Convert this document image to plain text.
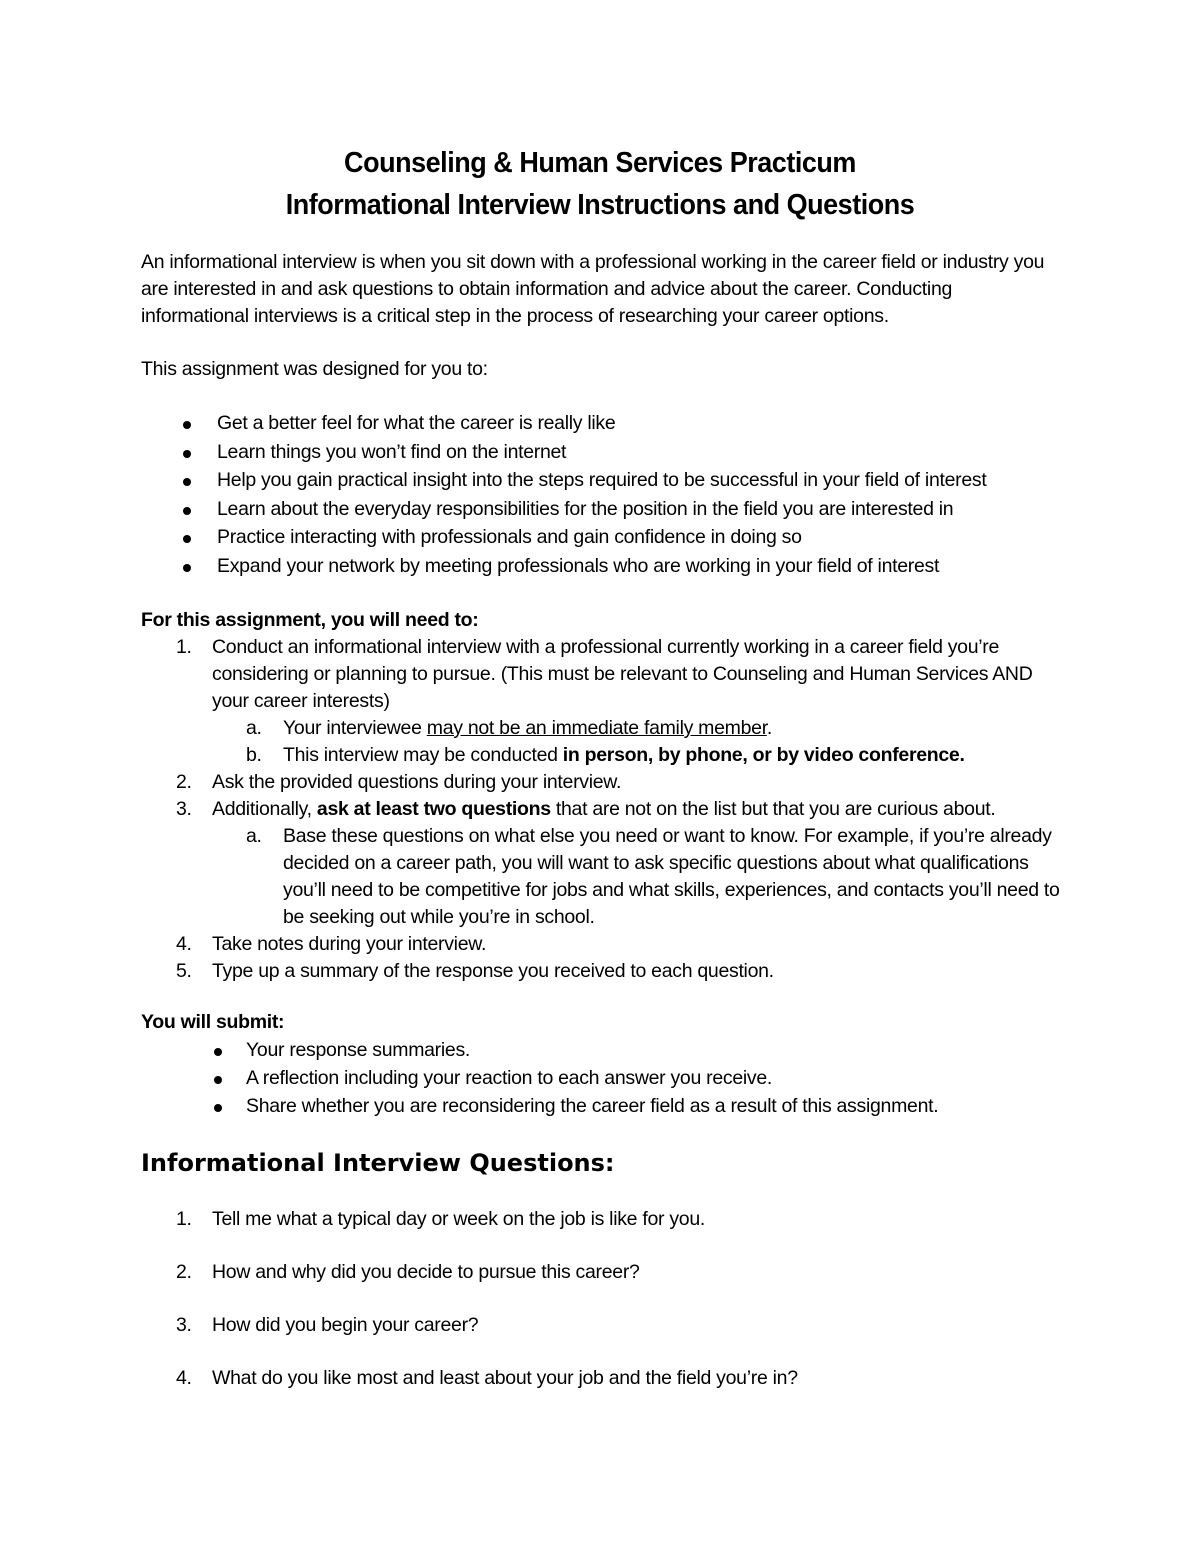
Counseling & Human Services Practicum
Informational Interview Instructions and Questions
An informational interview is when you sit down with a professional working in the career field or industry you are interested in and ask questions to obtain information and advice about the career. Conducting informational interviews is a critical step in the process of researching your career options.
This assignment was designed for you to:
Get a better feel for what the career is really like
Learn things you won’t find on the internet
Help you gain practical insight into the steps required to be successful in your field of interest
Learn about the everyday responsibilities for the position in the field you are interested in
Practice interacting with professionals and gain confidence in doing so
Expand your network by meeting professionals who are working in your field of interest
For this assignment, you will need to:
1. Conduct an informational interview with a professional currently working in a career field you’re considering or planning to pursue. (This must be relevant to Counseling and Human Services AND your career interests)
a. Your interviewee may not be an immediate family member.
b. This interview may be conducted in person, by phone, or by video conference.
2. Ask the provided questions during your interview.
3. Additionally, ask at least two questions that are not on the list but that you are curious about.
a. Base these questions on what else you need or want to know. For example, if you’re already decided on a career path, you will want to ask specific questions about what qualifications you’ll need to be competitive for jobs and what skills, experiences, and contacts you’ll need to be seeking out while you’re in school.
4. Take notes during your interview.
5. Type up a summary of the response you received to each question.
You will submit:
Your response summaries.
A reflection including your reaction to each answer you receive.
Share whether you are reconsidering the career field as a result of this assignment.
Informational Interview Questions:
1. Tell me what a typical day or week on the job is like for you.
2. How and why did you decide to pursue this career?
3. How did you begin your career?
4. What do you like most and least about your job and the field you’re in?
